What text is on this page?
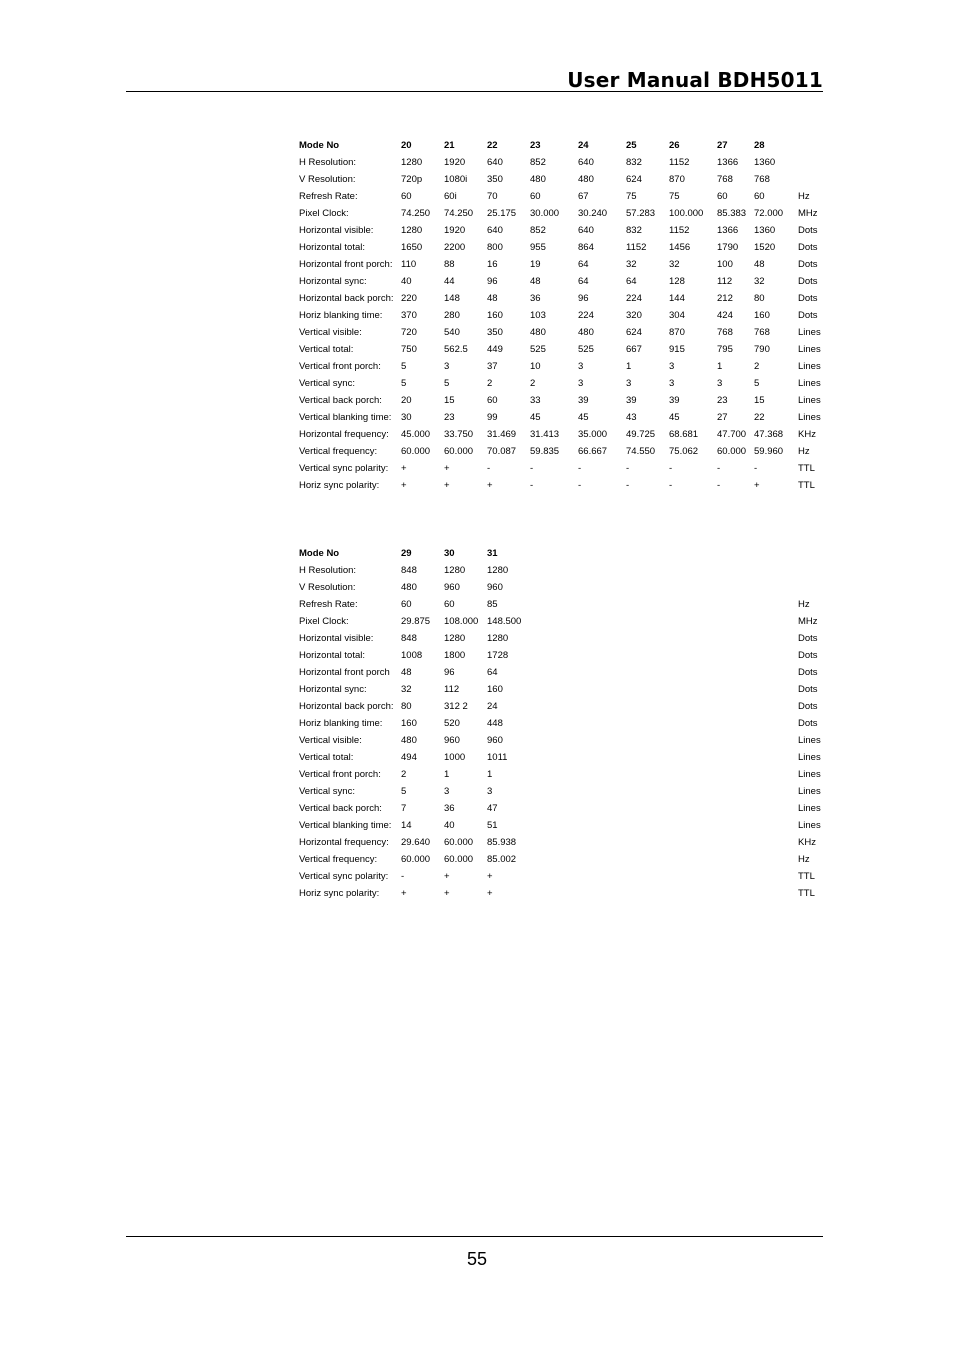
User Manual BDH5011
Mode No	20	21	22	23	24	25	26	27	28	
H Resolution:	1280	1920	640	852	640	832	1152	1366	1360	
V Resolution:	720p	1080i	350	480	480	624	870	768	768	
Refresh Rate:	60	60i	70	60	67	75	75	60	60	Hz
Pixel Clock:	74.250	74.250	25.175	30.000	30.240	57.283	100.000	85.383	72.000	MHz
Horizontal visible:	1280	1920	640	852	640	832	1152	1366	1360	Dots
Horizontal total:	1650	2200	800	955	864	1152	1456	1790	1520	Dots
Horizontal front porch:	110	88	16	19	64	32	32	100	48	Dots
Horizontal sync:	40	44	96	48	64	64	128	112	32	Dots
Horizontal back porch:	220	148	48	36	96	224	144	212	80	Dots
Horiz blanking time:	370	280	160	103	224	320	304	424	160	Dots
Vertical visible:	720	540	350	480	480	624	870	768	768	Lines
Vertical total:	750	562.5	449	525	525	667	915	795	790	Lines
Vertical front porch:	5	3	37	10	3	1	3	1	2	Lines
Vertical sync:	5	5	2	2	3	3	3	3	5	Lines
Vertical back porch:	20	15	60	33	39	39	39	23	15	Lines
Vertical blanking time:	30	23	99	45	45	43	45	27	22	Lines
Horizontal frequency:	45.000	33.750	31.469	31.413	35.000	49.725	68.681	47.700	47.368	KHz
Vertical frequency:	60.000	60.000	70.087	59.835	66.667	74.550	75.062	60.000	59.960	Hz
Vertical sync polarity:	+	+	-	-	-	-	-	-	-	TTL
Horiz sync polarity:	+	+	+	-	-	-	-	-	+	TTL
Mode No	29	30	31							
H Resolution:	848	1280	1280							
V Resolution:	480	960	960							
Refresh Rate:	60	60	85							Hz
Pixel Clock:	29.875	108.000	148.500							MHz
Horizontal visible:	848	1280	1280							Dots
Horizontal total:	1008	1800	1728							Dots
Horizontal front porch	48	96	64							Dots
Horizontal sync:	32	112	160							Dots
Horizontal back porch:	80	312 2	24							Dots
Horiz blanking time:	160	520	448							Dots
Vertical visible:	480	960	960							Lines
Vertical total:	494	1000	1011							Lines
Vertical front porch:	2	1	1							Lines
Vertical sync:	5	3	3							Lines
Vertical back porch:	7	36	47							Lines
Vertical blanking time:	14	40	51							Lines
Horizontal frequency:	29.640	60.000	85.938							KHz
Vertical frequency:	60.000	60.000	85.002							Hz
Vertical sync polarity:	-	+	+							TTL
Horiz sync polarity:	+	+	+							TTL
55
